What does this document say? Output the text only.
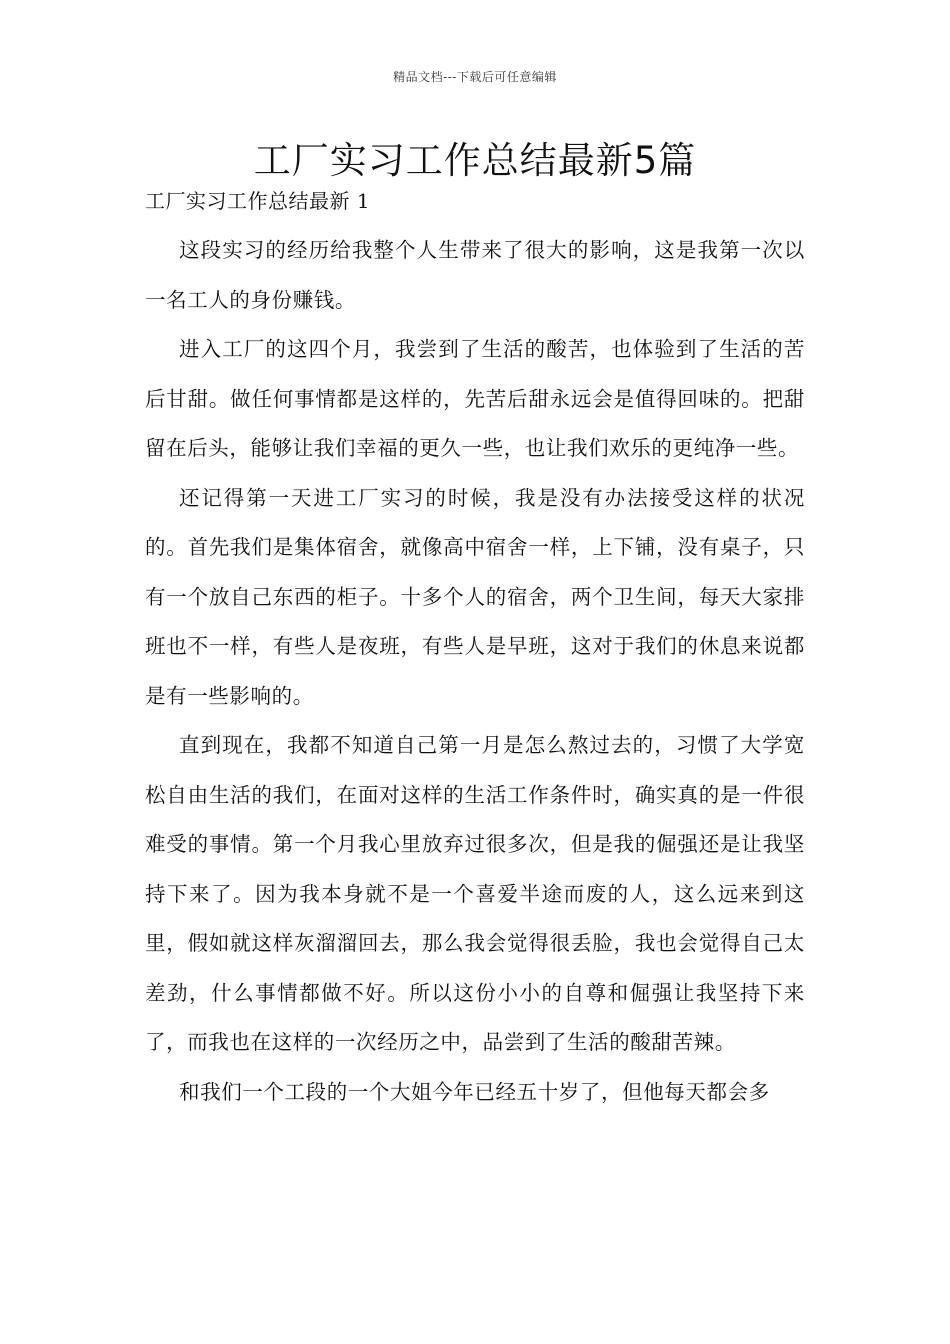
精品文档---下载后可任意编辑
工厂实习工作总结最新5篇
工厂实习工作总结最新 1

这段实习的经历给我整个人生带来了很大的影响，这是我第一次以一名工人的身份赚钱。

进入工厂的这四个月，我尝到了生活的酸苦，也体验到了生活的苦后甘甜。做任何事情都是这样的，先苦后甜永远会是值得回味的。把甜留在后头，能够让我们幸福的更久一些，也让我们欢乐的更纯净一些。

还记得第一天进工厂实习的时候，我是没有办法接受这样的状况的。首先我们是集体宿舍，就像高中宿舍一样，上下铺，没有桌子，只有一个放自己东西的柜子。十多个人的宿舍，两个卫生间，每天大家排班也不一样，有些人是夜班，有些人是早班，这对于我们的休息来说都是有一些影响的。

直到现在，我都不知道自己第一月是怎么熬过去的，习惯了大学宽松自由生活的我们，在面对这样的生活工作条件时，确实真的是一件很难受的事情。第一个月我心里放弃过很多次，但是我的倔强还是让我坚持下来了。因为我本身就不是一个喜爱半途而废的人，这么远来到这里，假如就这样灰溜溜回去，那么我会觉得很丢脸，我也会觉得自己太差劲，什么事情都做不好。所以这份小小的自尊和倔强让我坚持下来了，而我也在这样的一次经历之中，品尝到了生活的酸甜苦辣。

和我们一个工段的一个大姐今年已经五十岁了，但他每天都会多
